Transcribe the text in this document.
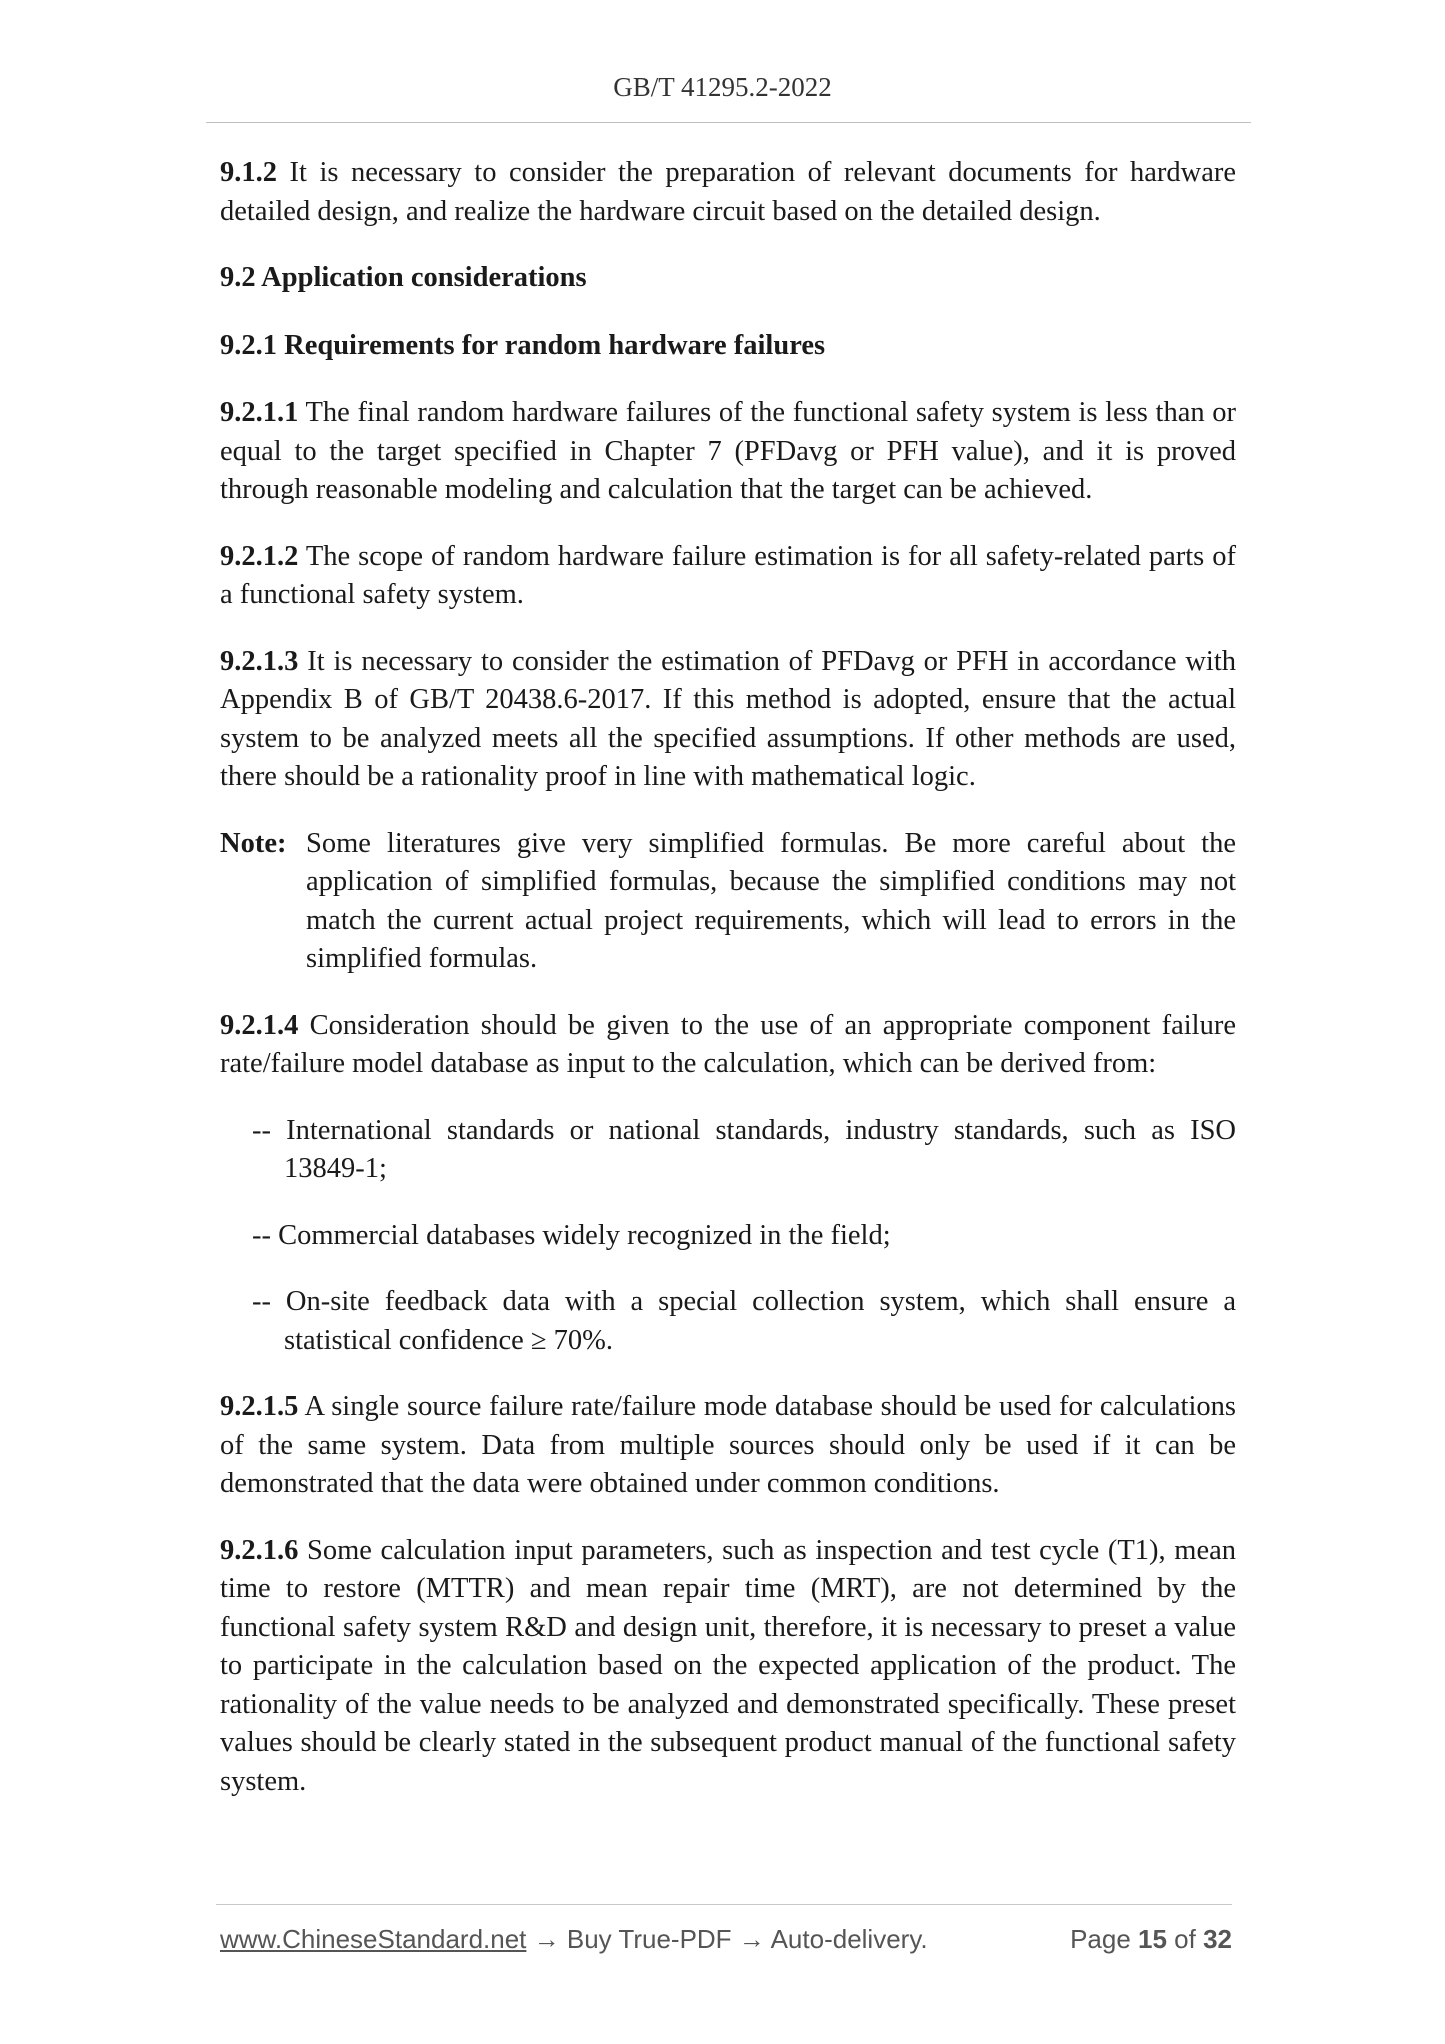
GB/T 41295.2-2022

9.1.2 It is necessary to consider the preparation of relevant documents for hardware detailed design, and realize the hardware circuit based on the detailed design.

9.2 Application considerations

9.2.1 Requirements for random hardware failures

9.2.1.1 The final random hardware failures of the functional safety system is less than or equal to the target specified in Chapter 7 (PFDavg or PFH value), and it is proved through reasonable modeling and calculation that the target can be achieved.

9.2.1.2 The scope of random hardware failure estimation is for all safety-related parts of a functional safety system.

9.2.1.3 It is necessary to consider the estimation of PFDavg or PFH in accordance with Appendix B of GB/T 20438.6-2017. If this method is adopted, ensure that the actual system to be analyzed meets all the specified assumptions. If other methods are used, there should be a rationality proof in line with mathematical logic.

Note: Some literatures give very simplified formulas. Be more careful about the application of simplified formulas, because the simplified conditions may not match the current actual project requirements, which will lead to errors in the simplified formulas.

9.2.1.4 Consideration should be given to the use of an appropriate component failure rate/failure model database as input to the calculation, which can be derived from:

-- International standards or national standards, industry standards, such as ISO 13849-1;

-- Commercial databases widely recognized in the field;

-- On-site feedback data with a special collection system, which shall ensure a statistical confidence ≥ 70%.

9.2.1.5 A single source failure rate/failure mode database should be used for calculations of the same system. Data from multiple sources should only be used if it can be demonstrated that the data were obtained under common conditions.

9.2.1.6 Some calculation input parameters, such as inspection and test cycle (T1), mean time to restore (MTTR) and mean repair time (MRT), are not determined by the functional safety system R&D and design unit, therefore, it is necessary to preset a value to participate in the calculation based on the expected application of the product. The rationality of the value needs to be analyzed and demonstrated specifically. These preset values should be clearly stated in the subsequent product manual of the functional safety system.

www.ChineseStandard.net → Buy True-PDF → Auto-delivery.	Page 15 of 32
